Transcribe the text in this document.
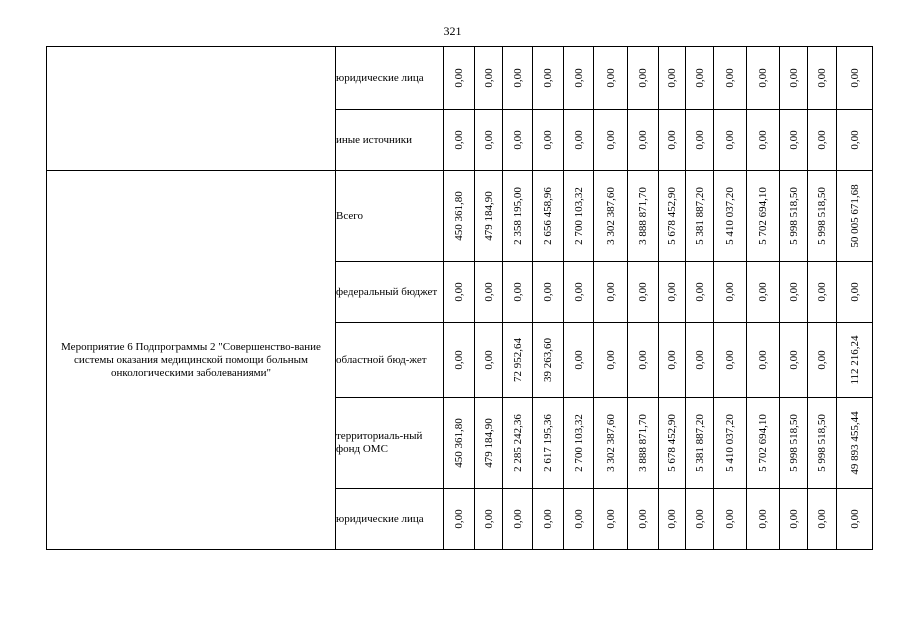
321
	юридические лица	0,00	0,00	0,00	0,00	0,00	0,00	0,00	0,00	0,00	0,00	0,00	0,00	0,00	0,00

	иные источники	0,00	0,00	0,00	0,00	0,00	0,00	0,00	0,00	0,00	0,00	0,00	0,00	0,00	0,00

Мероприятие 6 Подпрограммы 2 "Совершенство-вание системы оказания медицинской помощи больным онкологическими заболеваниями"	Всего	450 361,80	479 184,90	2 358 195,00	2 656 458,96	2 700 103,32	3 302 387,60	3 888 871,70	5 678 452,90	5 381 887,20	5 410 037,20	5 702 694,10	5 998 518,50	5 998 518,50	50 005 671,68

	федеральный бюджет	0,00	0,00	0,00	0,00	0,00	0,00	0,00	0,00	0,00	0,00	0,00	0,00	0,00	0,00

	областной бюд-жет	0,00	0,00	72 952,64	39 263,60	0,00	0,00	0,00	0,00	0,00	0,00	0,00	0,00	0,00	112 216,24

	территориаль-ный фонд ОМС	450 361,80	479 184,90	2 285 242,36	2 617 195,36	2 700 103,32	3 302 387,60	3 888 871,70	5 678 452,90	5 381 887,20	5 410 037,20	5 702 694,10	5 998 518,50	5 998 518,50	49 893 455,44

	юридические лица	0,00	0,00	0,00	0,00	0,00	0,00	0,00	0,00	0,00	0,00	0,00	0,00	0,00	0,00
